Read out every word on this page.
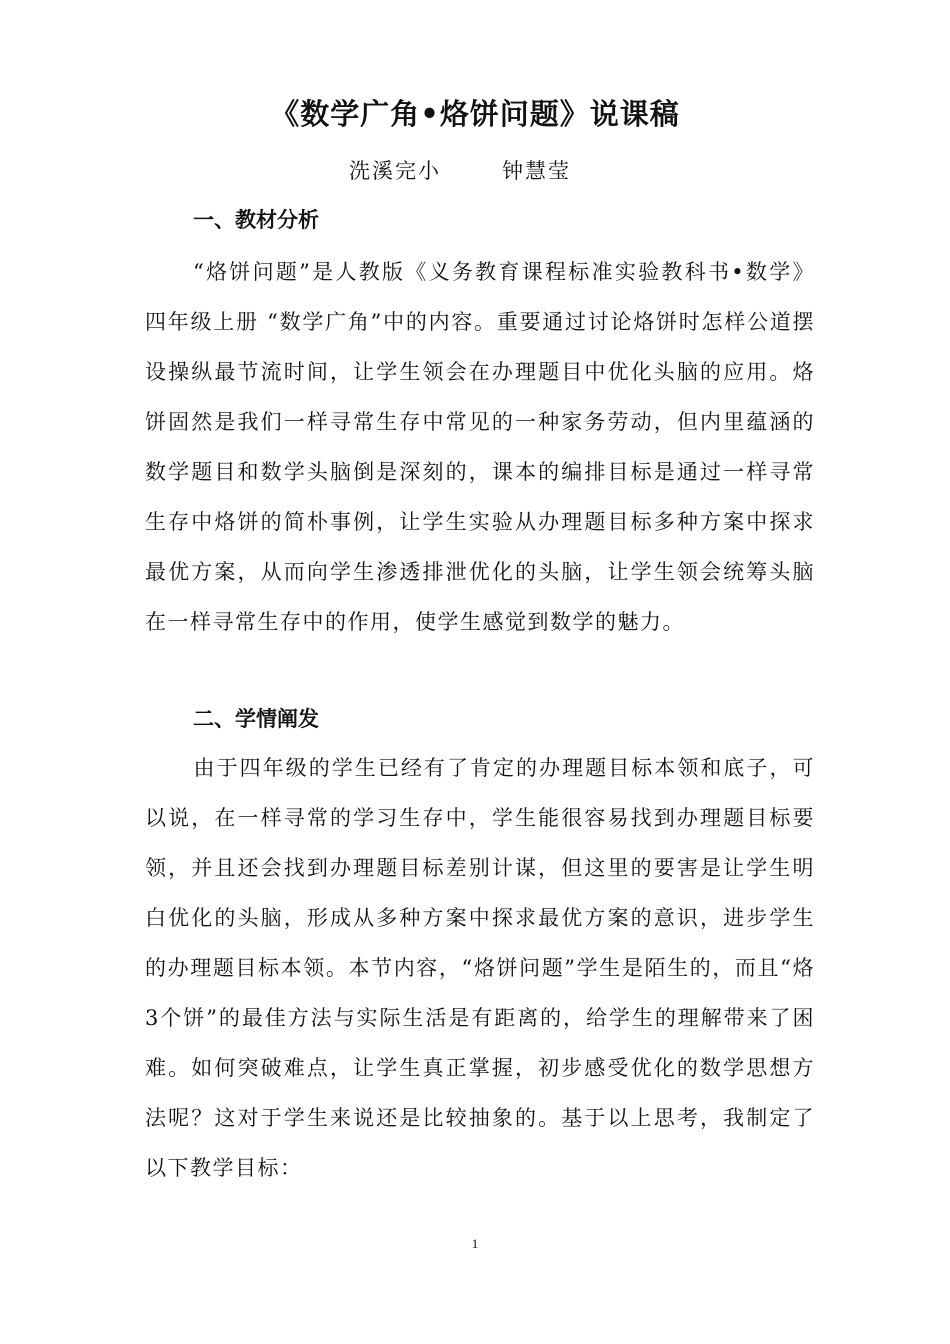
《数学广角•烙饼问题》说课稿
洗溪完小	钟慧莹
一、教材分析
“烙饼问题”是人教版《义务教育课程标准实验教科书•数学》四年级上册 “数学广角”中的内容。重要通过讨论烙饼时怎样公道摆设操纵最节流时间，让学生领会在办理题目中优化头脑的应用。烙饼固然是我们一样寻常生存中常见的一种家务劳动，但内里蕴涵的数学题目和数学头脑倒是深刻的，课本的编排目标是通过一样寻常生存中烙饼的简朴事例，让学生实验从办理题目标多种方案中探求最优方案，从而向学生渗透排泄优化的头脑，让学生领会统筹头脑在一样寻常生存中的作用，使学生感觉到数学的魅力。
二、学情阐发
由于四年级的学生已经有了肯定的办理题目标本领和底子，可以说，在一样寻常的学习生存中，学生能很容易找到办理题目标要领，并且还会找到办理题目标差别计谋，但这里的要害是让学生明白优化的头脑，形成从多种方案中探求最优方案的意识，进步学生的办理题目标本领。本节内容，“烙饼问题”学生是陌生的，而且“烙3个饼”的最佳方法与实际生活是有距离的，给学生的理解带来了困难。如何突破难点，让学生真正掌握，初步感受优化的数学思想方法呢？这对于学生来说还是比较抽象的。基于以上思考，我制定了以下教学目标：
1
